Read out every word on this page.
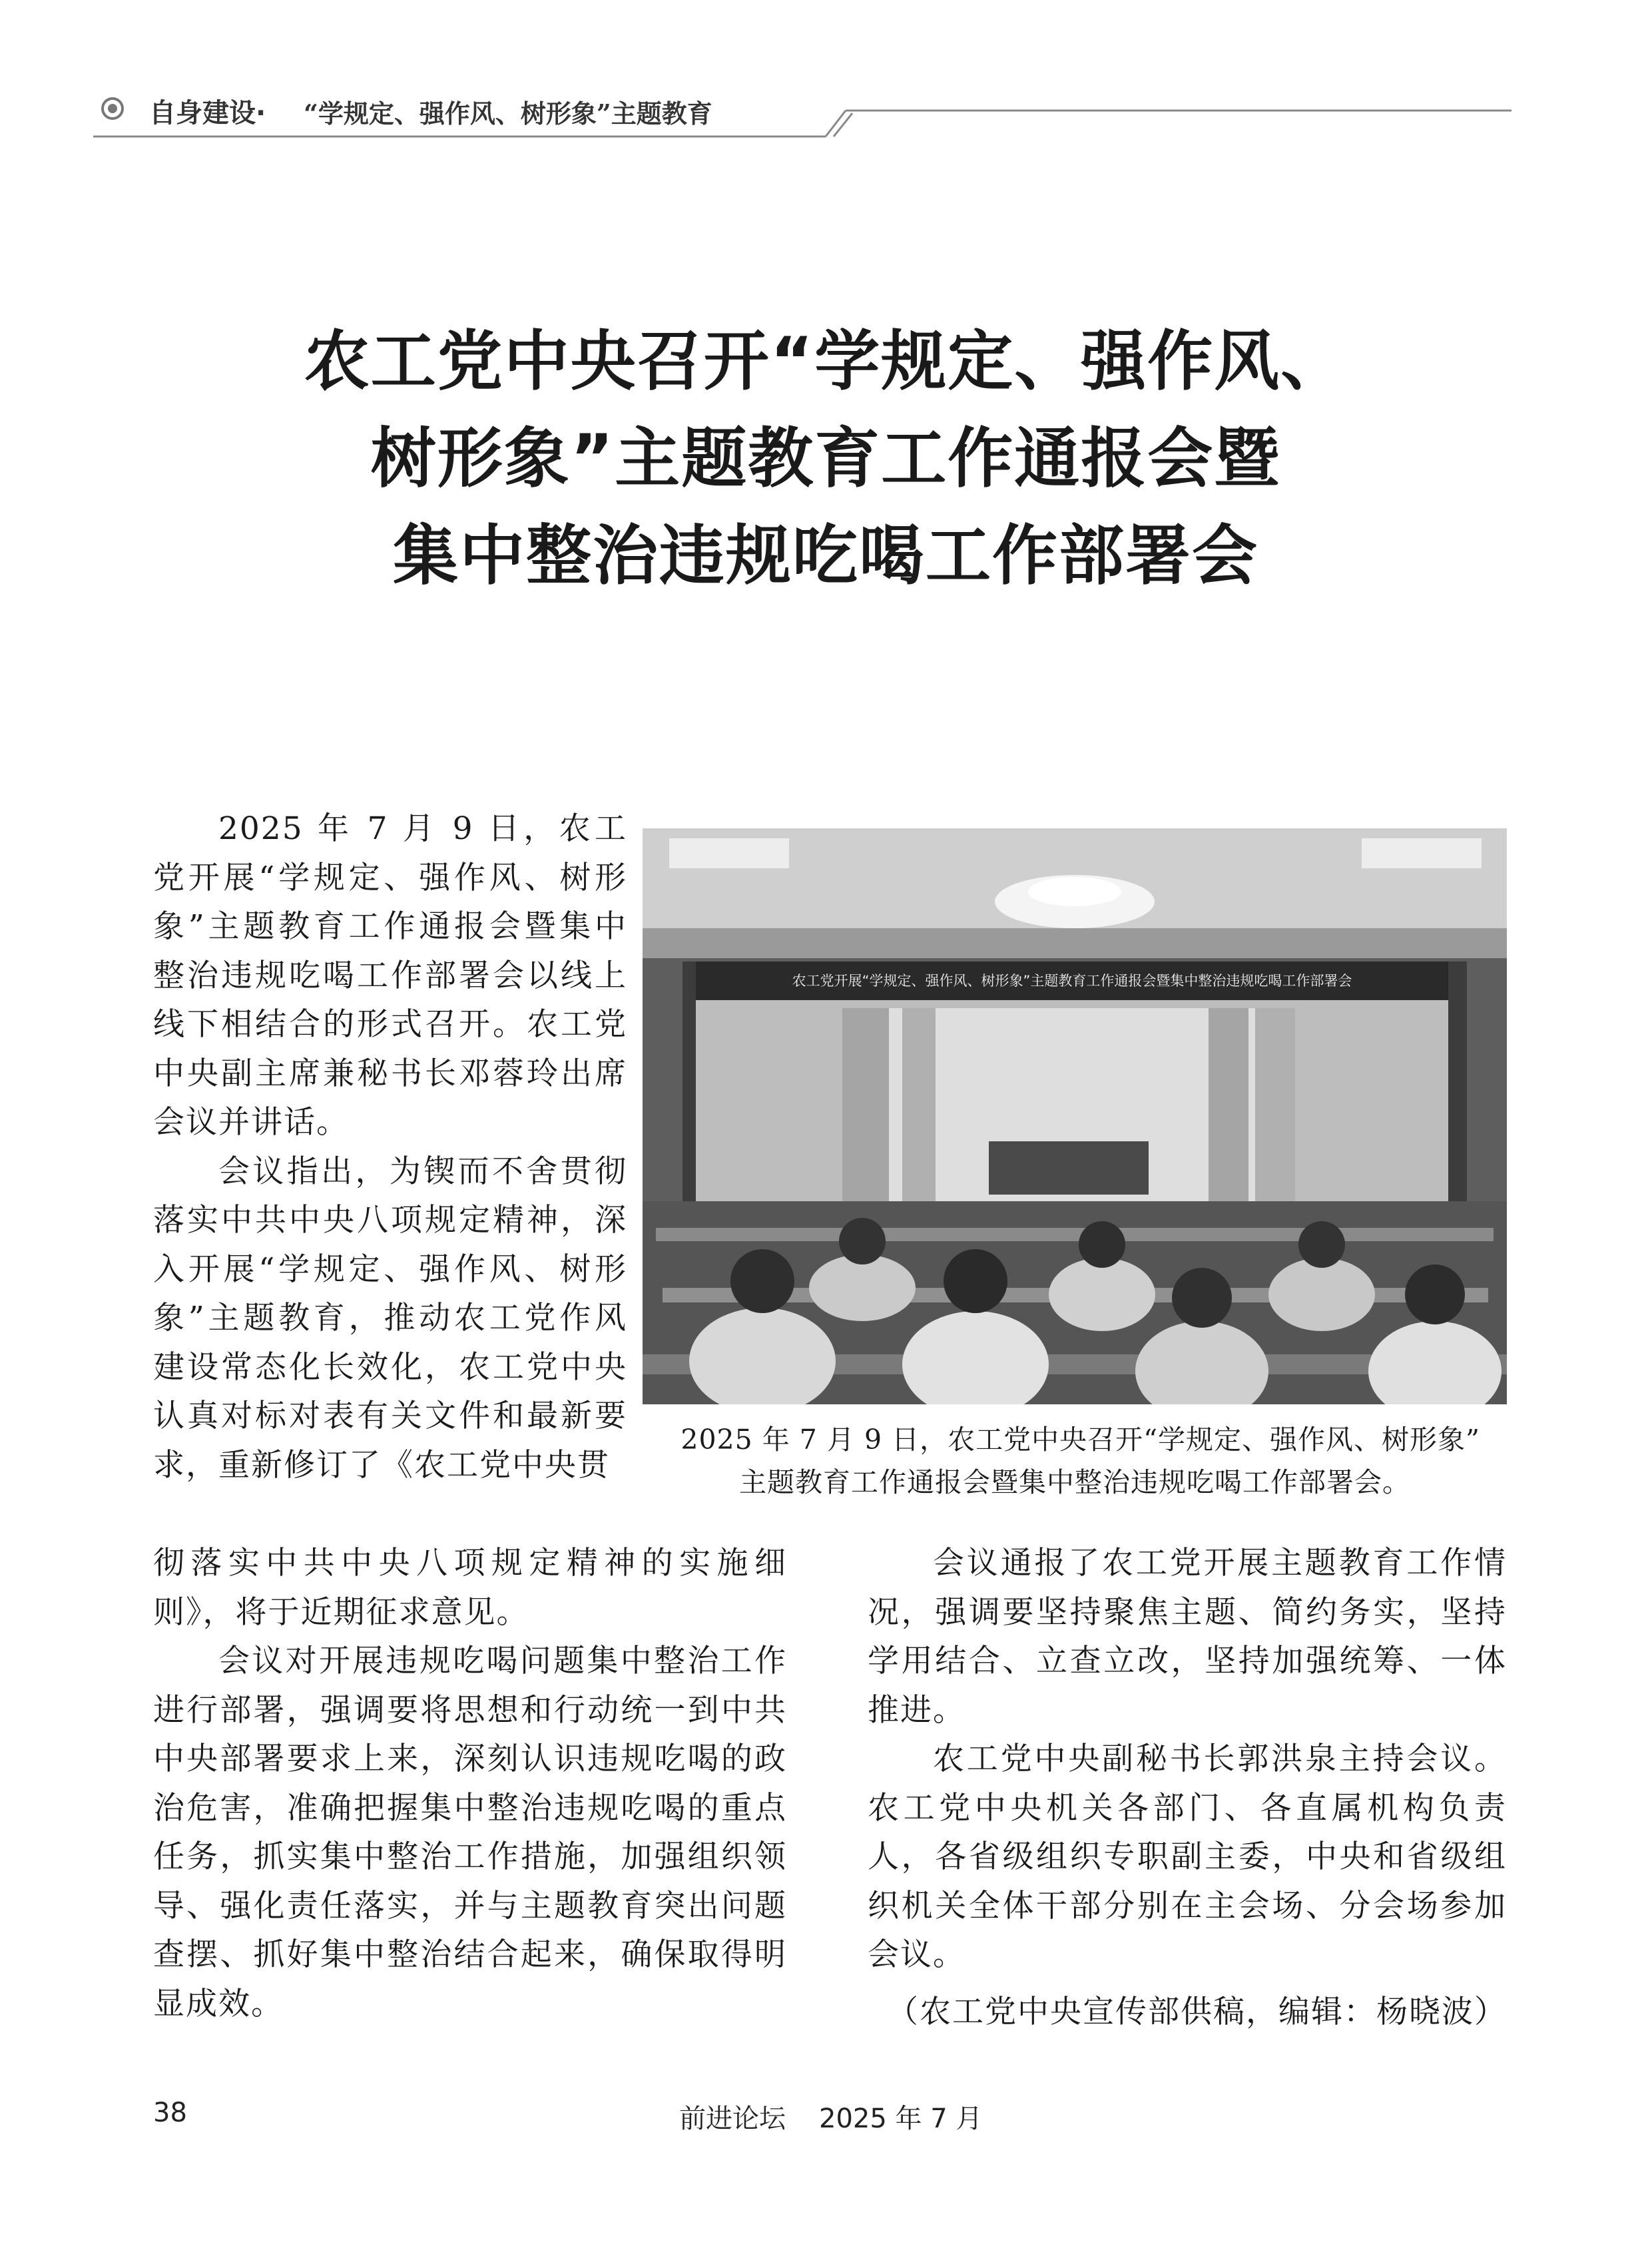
自身建设· “学规定、强作风、树形象”主题教育
农工党中央召开“学规定、强作风、
树形象”主题教育工作通报会暨
集中整治违规吃喝工作部署会

2025 年 7 月 9 日，农工党开展“学规定、强作风、树形象”主题教育工作通报会暨集中整治违规吃喝工作部署会以线上线下相结合的形式召开。农工党中央副主席兼秘书长邓蓉玲出席会议并讲话。

会议指出，为锲而不舍贯彻落实中共中央八项规定精神，深入开展“学规定、强作风、树形象”主题教育，推动农工党作风建设常态化长效化，农工党中央认真对标对表有关文件和最新要求，重新修订了《农工党中央贯

农工党开展“学规定、强作风、树形象”主题教育工作通报会暨集中整治违规吃喝工作部署会
2025 年 7 月 9 日，农工党中央召开“学规定、强作风、树形象”
主题教育工作通报会暨集中整治违规吃喝工作部署会。

彻落实中共中央八项规定精神的实施细则》，将于近期征求意见。

会议对开展违规吃喝问题集中整治工作进行部署，强调要将思想和行动统一到中共中央部署要求上来，深刻认识违规吃喝的政治危害，准确把握集中整治违规吃喝的重点任务，抓实集中整治工作措施，加强组织领导、强化责任落实，并与主题教育突出问题查摆、抓好集中整治结合起来，确保取得明显成效。

会议通报了农工党开展主题教育工作情况，强调要坚持聚焦主题、简约务实，坚持学用结合、立查立改，坚持加强统筹、一体推进。

农工党中央副秘书长郭洪泉主持会议。农工党中央机关各部门、各直属机构负责人，各省级组织专职副主委，中央和省级组织机关全体干部分别在主会场、分会场参加会议。

（农工党中央宣传部供稿，编辑：杨晓波）
38	前进论坛 2025 年 7 月
